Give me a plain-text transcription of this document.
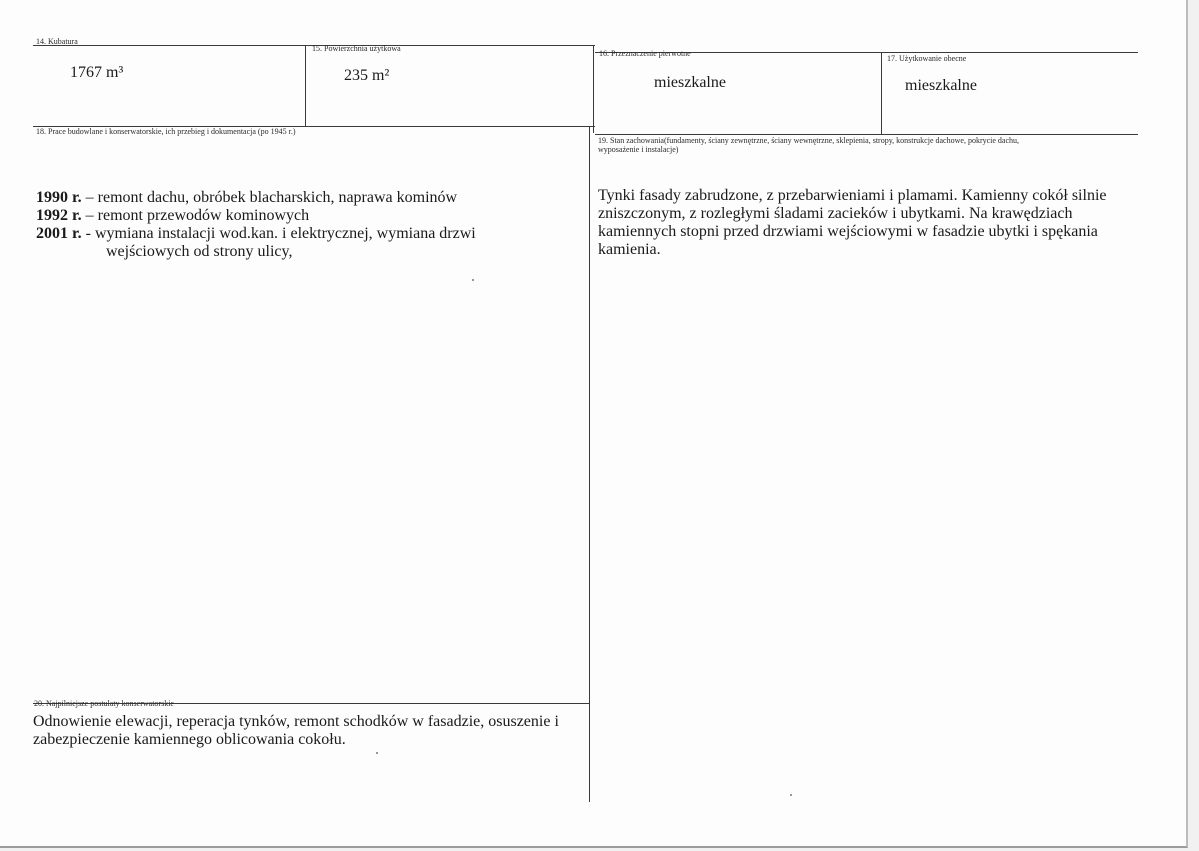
14. Kubatura
1767 m³
15. Powierzchnia użytkowa
235 m²
16. Przeznaczenie pierwotne
mieszkalne
17. Użytkowanie obecne
mieszkalne
18. Prace budowlane i konserwatorskie, ich przebieg i dokumentacja (po 1945 r.)
1990 r. – remont dachu, obróbek blacharskich, naprawa kominów
1992 r. – remont przewodów kominowych
2001 r. - wymiana instalacji wod.kan. i elektrycznej, wymiana drzwi
wejściowych od strony ulicy,
19. Stan zachowania(fundamenty, ściany zewnętrzne, ściany wewnętrzne, sklepienia, stropy, konstrukcje dachowe, pokrycie dachu,
wyposażenie i instalacje)
Tynki fasady zabrudzone, z przebarwieniami i plamami. Kamienny cokół silnie zniszczonym, z rozległymi śladami zacieków i ubytkami. Na krawędziach kamiennych stopni przed drzwiami wejściowymi w fasadzie ubytki i spękania kamienia.
20. Najpilniejsze postulaty konserwatorskie
Odnowienie elewacji, reperacja tynków, remont schodków w fasadzie, osuszenie i zabezpieczenie kamiennego oblicowania cokołu.
